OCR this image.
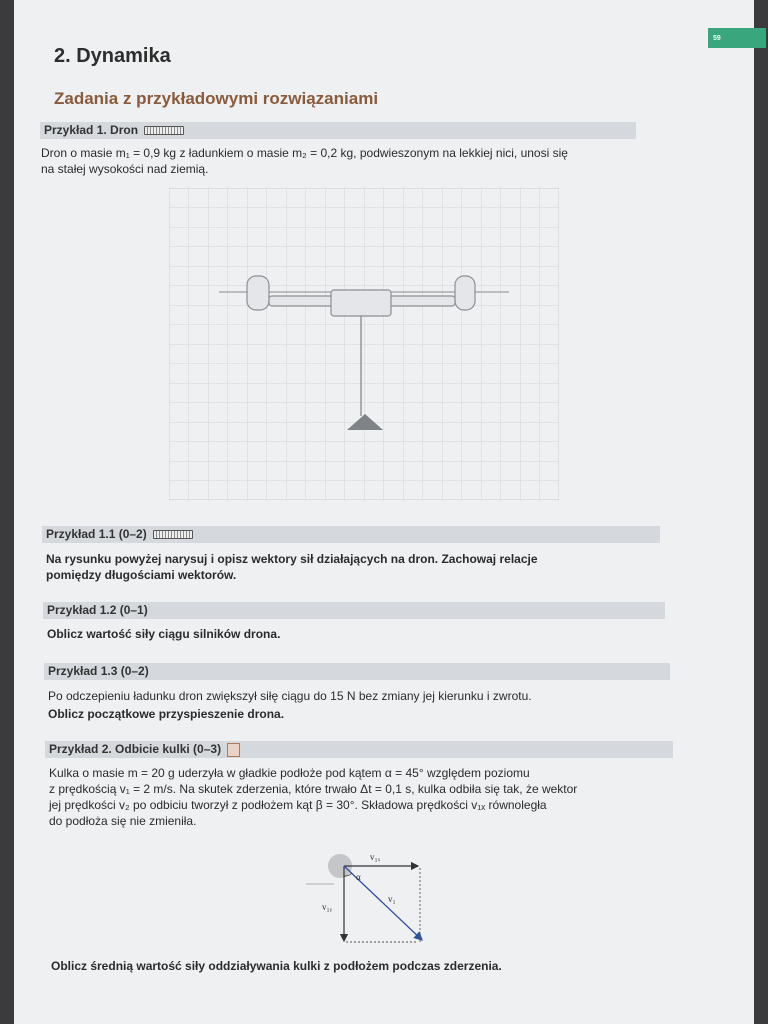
59
2. Dynamika
Zadania z przykładowymi rozwiązaniami
Przykład 1. Dron

Dron o masie m₁ = 0,9 kg z ładunkiem o masie m₂ = 0,2 kg, podwieszonym na lekkiej nici, unosi się

na stałej wysokości nad ziemią.

Przykład 1.1 (0–2)

Na rysunku powyżej narysuj i opisz wektory sił działających na dron. Zachowaj relacje

pomiędzy długościami wektorów.

Przykład 1.2 (0–1)

Oblicz wartość siły ciągu silników drona.

Przykład 1.3 (0–2)

Po odczepieniu ładunku dron zwiększył siłę ciągu do 15 N bez zmiany jej kierunku i zwrotu.

Oblicz początkowe przyspieszenie drona.

Przykład 2. Odbicie kulki (0–3)

Kulka o masie m = 20 g uderzyła w gładkie podłoże pod kątem α = 45° względem poziomu

z prędkością v₁ = 2 m/s. Na skutek zderzenia, które trwało Δt = 0,1 s, kulka odbiła się tak, że wektor

jej prędkości v₂ po odbiciu tworzył z podłożem kąt β = 30°. Składowa prędkości v₁ₓ równoległa

do podłoża się nie zmieniła.

v₁ₓ
v₁ᵧ
v₁
α

Oblicz średnią wartość siły oddziaływania kulki z podłożem podczas zderzenia.
